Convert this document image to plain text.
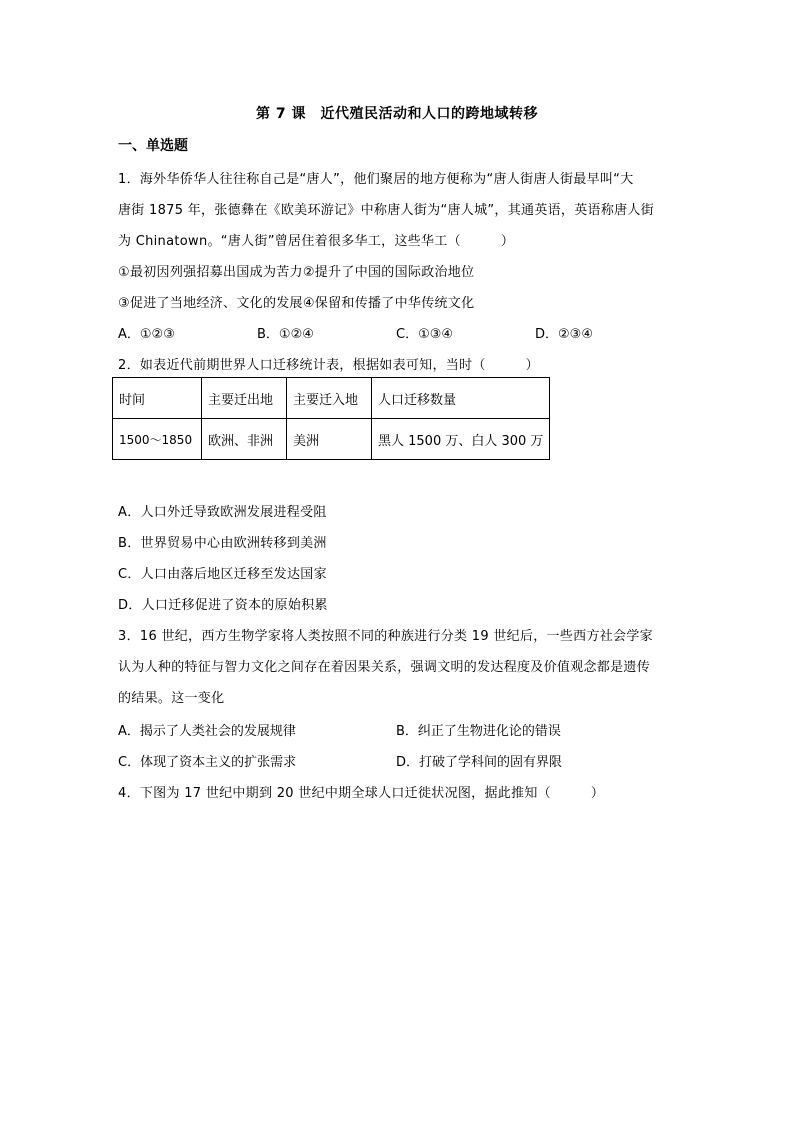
第 7 课　近代殖民活动和人口的跨地域转移
一、单选题
1．海外华侨华人往往称自己是“唐人”，他们聚居的地方便称为“唐人街唐人街最早叫“大
唐街 1875 年，张德彝在《欧美环游记》中称唐人街为“唐人城”，其通英语，英语称唐人街
为 Chinatown。“唐人街”曾居住着很多华工，这些华工（　　　）
①最初因列强招募出国成为苦力②提升了中国的国际政治地位
③促进了当地经济、文化的发展④保留和传播了中华传统文化
A．①②③	B．①②④	C．①③④	D．②③④
2．如表近代前期世界人口迁移统计表，根据如表可知，当时（　　　）
时间	主要迁出地	主要迁入地	人口迁移数量
1500～1850	欧洲、非洲	美洲	黑人 1500 万、白人 300 万
A．人口外迁导致欧洲发展进程受阻
B．世界贸易中心由欧洲转移到美洲
C．人口由落后地区迁移至发达国家
D．人口迁移促进了资本的原始积累
3．16 世纪，西方生物学家将人类按照不同的种族进行分类 19 世纪后，一些西方社会学家
认为人种的特征与智力文化之间存在着因果关系，强调文明的发达程度及价值观念都是遗传
的结果。这一变化
A．揭示了人类社会的发展规律	B．纠正了生物进化论的错误
C．体现了资本主义的扩张需求	D．打破了学科间的固有界限
4．下图为 17 世纪中期到 20 世纪中期全球人口迁徙状况图，据此推知（　　　）
